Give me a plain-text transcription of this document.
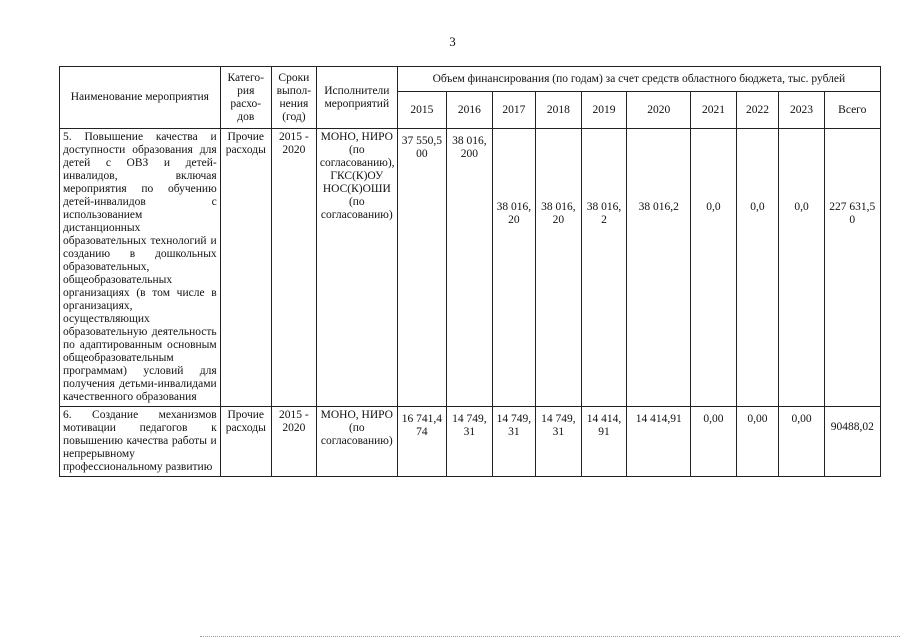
3
Наименование мероприятия	Катего-рия расхо-дов	Сроки выпол-нения (год)	Исполнители мероприятий	Объем финансирования (по годам) за счет средств областного бюджета, тыс. рублей									
				2015	2016	2017	2018	2019	2020	2021	2022	2023	Всего
5. Повышение качества и доступности образования для детей с ОВЗ и детей-инвалидов, включая мероприятия по обучению детей-инвалидов с использованием дистанционных образовательных технологий и созданию в дошкольных образовательных, общеобразовательных организациях (в том числе в организациях, осуществляющих образовательную деятельность по адаптированным основным общеобразовательным программам) условий для получения детьми-инвалидами качественного образования	Прочие расходы	2015 - 2020	МОНО, НИРО (по согласованию), ГКС(К)ОУ НОС(К)ОШИ (по согласованию)	37 550,500	38 016,200	38 016,20	38 016,20	38 016,2	38 016,2	0,0	0,0	0,0	227 631,50
6. Создание механизмов мотивации педагогов к повышению качества работы и непрерывному профессиональному развитию	Прочие расходы	2015 - 2020	МОНО, НИРО (по согласованию)	16 741,474	14 749,31	14 749,31	14 749,31	14 414,91	14 414,91	0,00	0,00	0,00	90488,02
